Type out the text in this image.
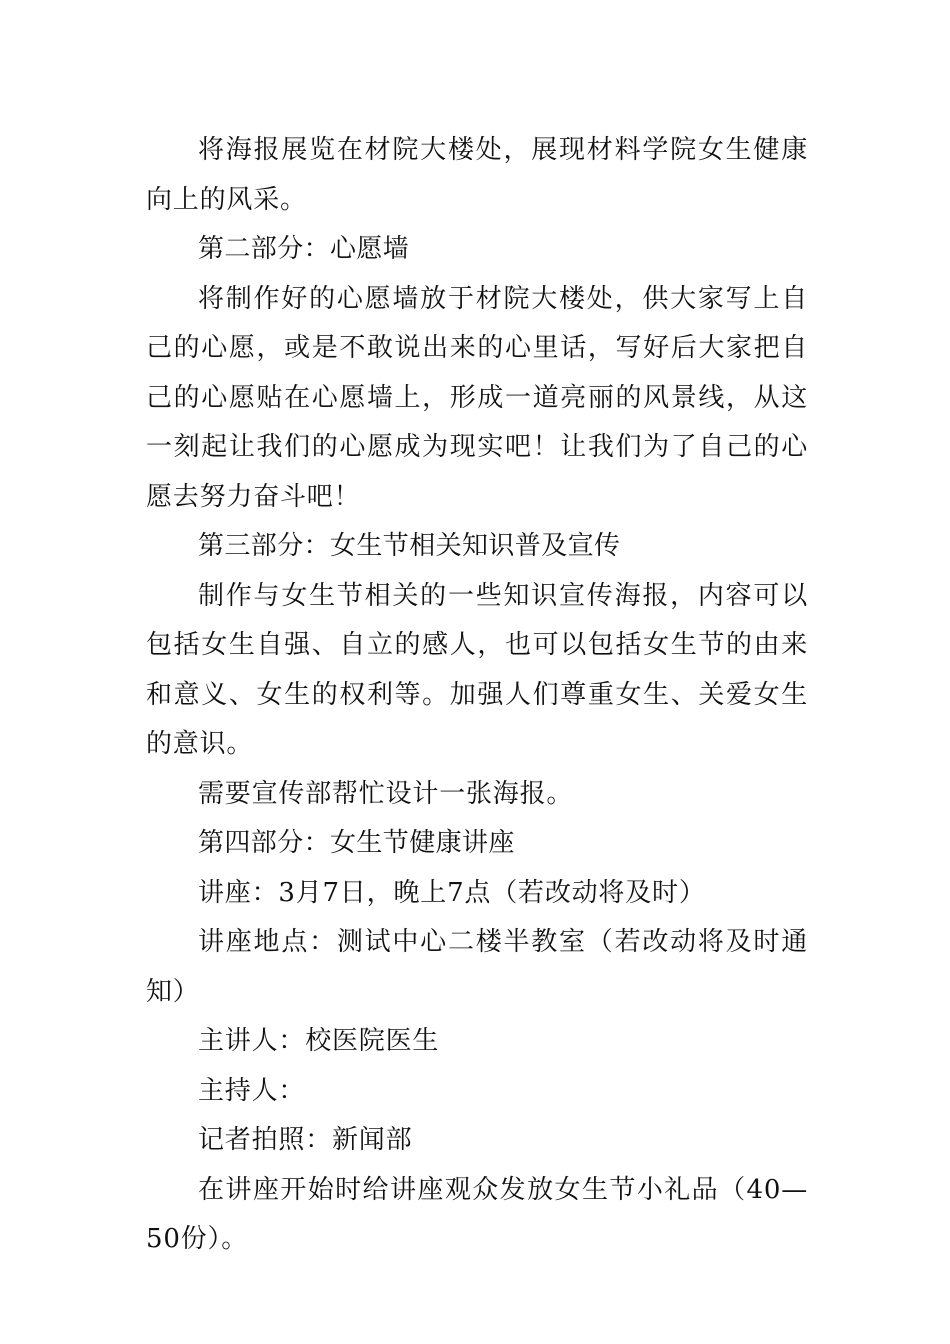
将海报展览在材院大楼处，展现材料学院女生健康向上的风采。

第二部分：心愿墙

将制作好的心愿墙放于材院大楼处，供大家写上自己的心愿，或是不敢说出来的心里话，写好后大家把自己的心愿贴在心愿墙上，形成一道亮丽的风景线，从这一刻起让我们的心愿成为现实吧！让我们为了自己的心愿去努力奋斗吧！

第三部分：女生节相关知识普及宣传

制作与女生节相关的一些知识宣传海报，内容可以包括女生自强、自立的感人，也可以包括女生节的由来和意义、女生的权利等。加强人们尊重女生、关爱女生的意识。

需要宣传部帮忙设计一张海报。

第四部分：女生节健康讲座

讲座：3月7日，晚上7点（若改动将及时）

讲座地点：测试中心二楼半教室（若改动将及时通知）

主讲人：校医院医生

主持人：

记者拍照：新闻部

在讲座开始时给讲座观众发放女生节小礼品（40—50份）。
